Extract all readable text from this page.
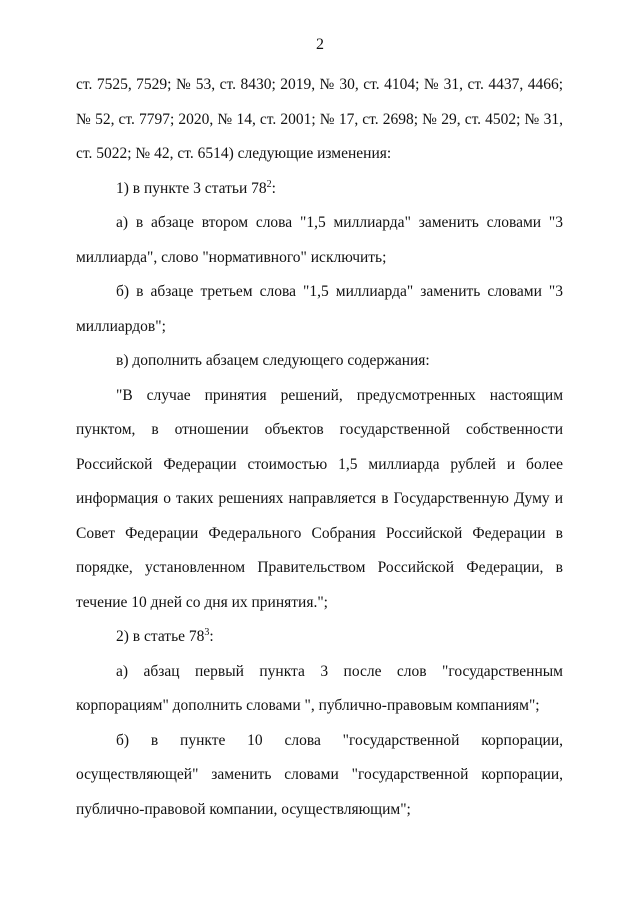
2

ст. 7525, 7529; № 53, ст. 8430; 2019, № 30, ст. 4104; № 31, ст. 4437, 4466; № 52, ст. 7797; 2020, № 14, ст. 2001; № 17, ст. 2698; № 29, ст. 4502; № 31, ст. 5022; № 42, ст. 6514) следующие изменения:

1) в пункте 3 статьи $78^2$:

а) в абзаце втором слова "1,5 миллиарда" заменить словами "3 миллиарда", слово "нормативного" исключить;

б) в абзаце третьем слова "1,5 миллиарда" заменить словами "3 миллиардов";

в) дополнить абзацем следующего содержания:

"В случае принятия решений, предусмотренных настоящим пунктом, в отношении объектов государственной собственности Российской Федерации стоимостью 1,5 миллиарда рублей и более информация о таких решениях направляется в Государственную Думу и Совет Федерации Федерального Собрания Российской Федерации в порядке, установленном Правительством Российской Федерации, в течение 10 дней со дня их принятия.";

2) в статье $78^3$:

а) абзац первый пункта 3 после слов "государственным корпорациям" дополнить словами ", публично-правовым компаниям";

б) в пункте 10 слова "государственной корпорации, осуществляющей" заменить словами "государственной корпорации, публично-правовой компании, осуществляющим";
